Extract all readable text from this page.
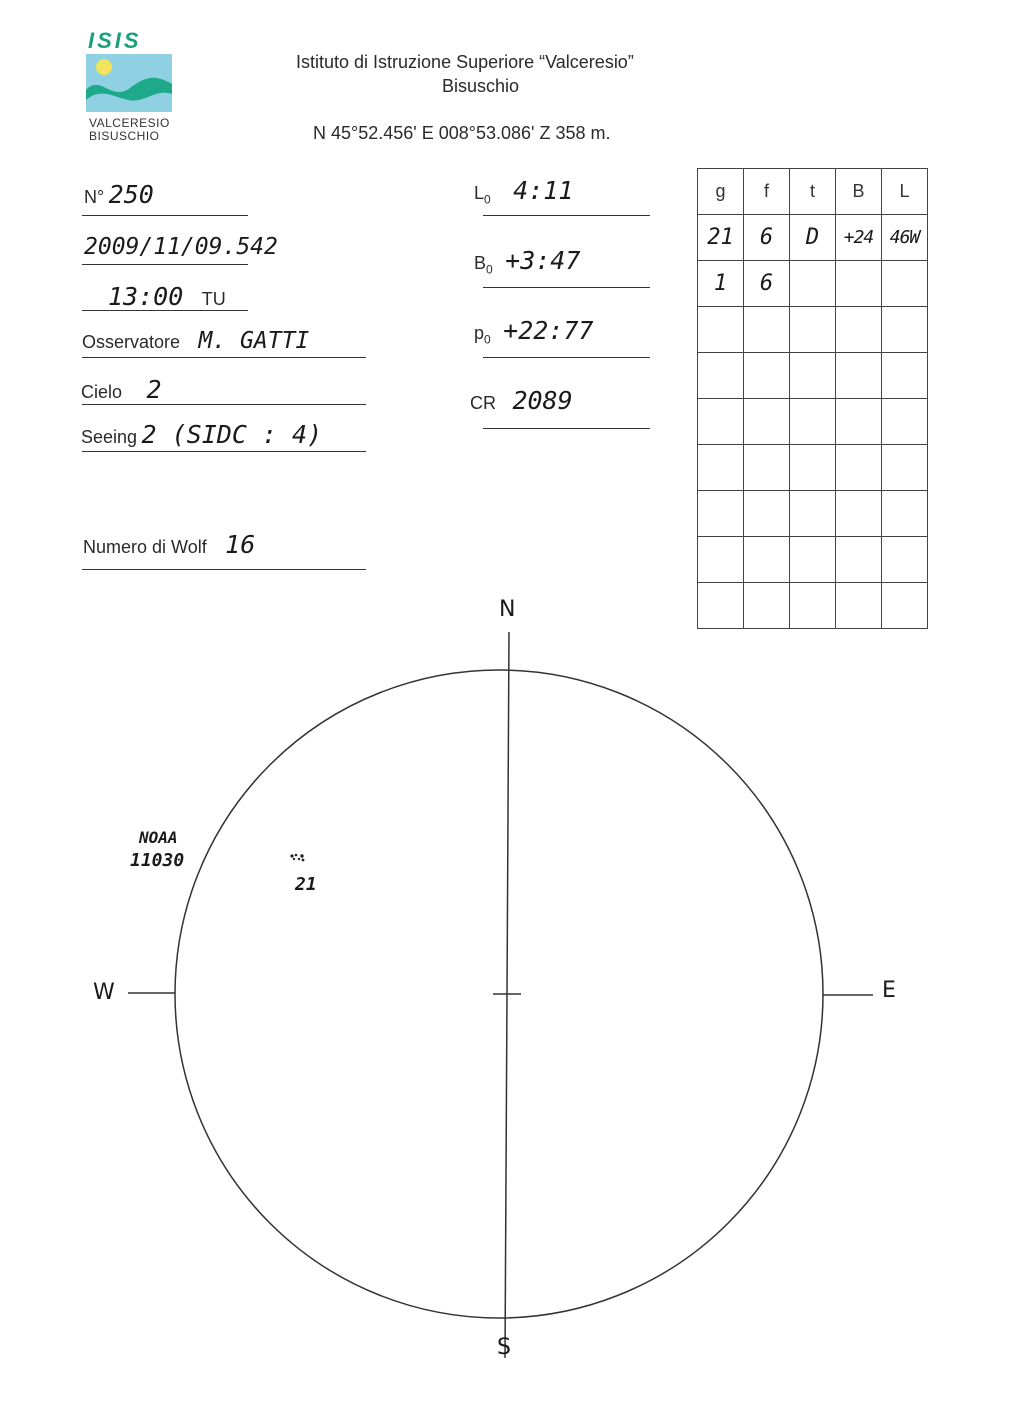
ISIS
VALCERESIO
BISUSCHIO
Istituto di Istruzione Superiore “Valceresio”
Bisuschio
N 45°52.456' E 008°53.086' Z 358 m.
N° 250
2009/11/09.542
13:00 TU
Osservatore M. GATTI
Cielo 2
Seeing 2 (SIDC : 4)
Numero di Wolf 16
$L_0$ 4:11
$B_0$ +3:47
$p_0$ +22:77
CR 2089
g	f	t	B	L
21	6	D	+24	46W
1	6			

N
S
E
W
NOAA
11030
21
